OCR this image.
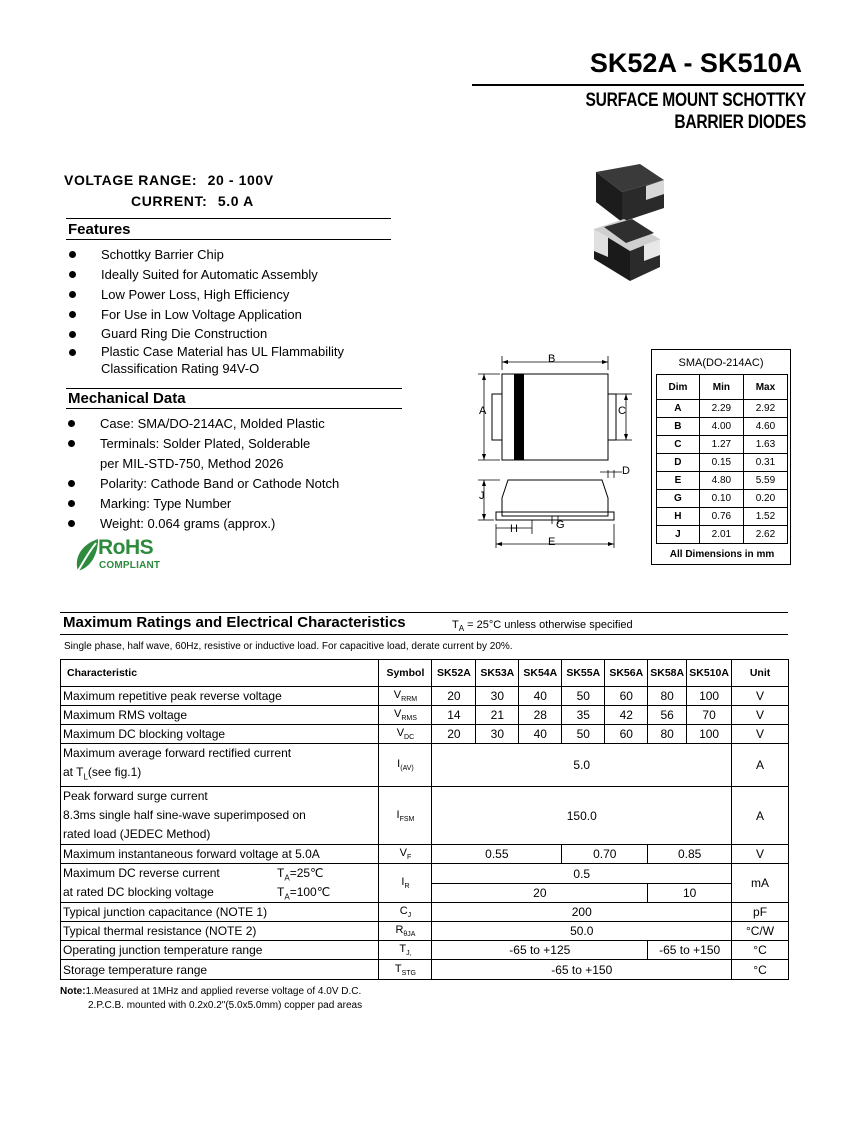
SK52A - SK510A
SURFACE MOUNT SCHOTTKY BARRIER DIODES
VOLTAGE RANGE: 20 - 100V
CURRENT: 5.0 A
Features
Schottky Barrier Chip
Ideally Suited for Automatic Assembly
Low Power Loss, High Efficiency
For Use in Low Voltage Application
Guard Ring Die Construction
Plastic Case Material has UL Flammability
Classification Rating 94V-O
Mechanical Data
Case: SMA/DO-214AC, Molded Plastic
Terminals: Solder Plated, Solderable
per MIL-STD-750, Method 2026
Polarity: Cathode Band or Cathode Notch
Marking: Type Number
Weight: 0.064 grams (approx.)
RoHS
COMPLIANT
B
A	C
D
J
H	G
E
SMA(DO-214AC)
Dim	Min	Max
A	2.29	2.92
B	4.00	4.60
C	1.27	1.63
D	0.15	0.31
E	4.80	5.59
G	0.10	0.20
H	0.76	1.52
J	2.01	2.62
All Dimensions in mm		
Maximum Ratings and Electrical Characteristics	$T_A = 25^\circ C$ unless otherwise specified
Single phase, half wave, 60Hz, resistive or inductive load. For capacitive load, derate current by 20%.
Characteristic	Symbol	SK52A	SK53A	SK54A	SK55A	SK56A	SK58A	SK510A	Unit
Maximum repetitive peak reverse voltage	$V_{RRM}$	20	30	40	50	60	80	100	V
Maximum RMS voltage	$V_{RMS}$	14	21	28	35	42	56	70	V
Maximum DC blocking voltage	$V_{DC}$	20	30	40	50	60	80	100	V
Maximum average forward rectified current
at $T_L(see$ fig.1)	$I_{(AV)}$	5.0							A
Peak forward surge current
8.3ms single half sine-wave superimposed on
rated load (JEDEC Method)	$I_{FSM}$	150.0							A
Maximum instantaneous forward voltage at 5.0A	$V_F$	0.55			0.70		0.85		V

Maximum DC reverse current $T_A=25℃$
at rated DC blocking voltage $T_A=100℃$	$I_R$	0.5							mA
		20					10		
Typical junction capacitance (NOTE 1)	$C_J$	200							pF
Typical thermal resistance (NOTE 2)	$R_{\theta JA}$	50.0							°C/W
Operating junction temperature range	$T_{J,}$	-65 to +125					-65 to +150		°C
Storage temperature range	$T_{STG}$	-65 to +150							°C
Note:1.Measured at 1MHz and applied reverse voltage of 4.0V D.C.
2.P.C.B. mounted with 0.2x0.2"(5.0x5.0mm) copper pad areas
